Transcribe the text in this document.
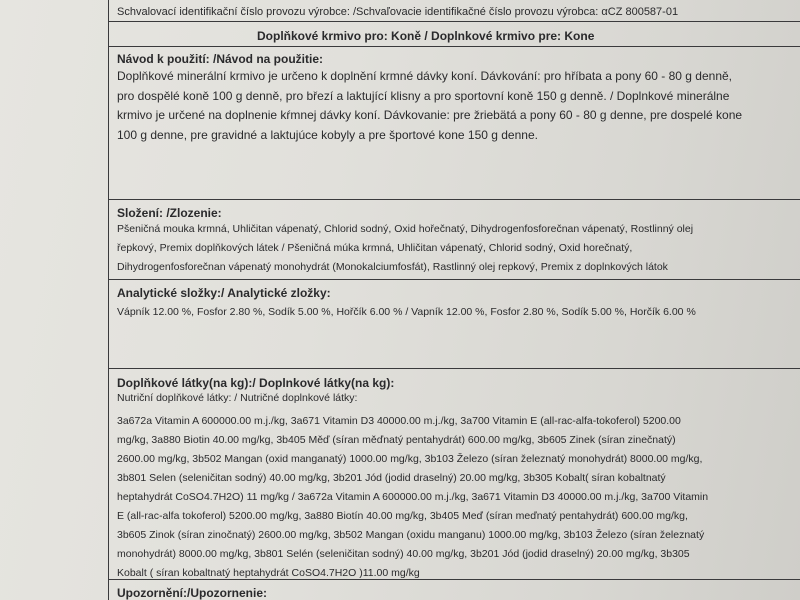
Schvalovací identifikační číslo provozu výrobce: /Schvaľovacie identifikačné číslo provozu výrobca: αCZ 800587-01
Doplňkové krmivo pro: Koně / Doplnkové krmivo pre: Kone
Návod k použití: /Návod na použitie:
Doplňkové minerální krmivo je určeno k doplnění krmné dávky koní. Dávkování: pro hříbata a pony 60 - 80 g denně,
pro dospělé koně 100 g denně, pro březí a laktující klisny a pro sportovní koně 150 g denně. / Doplnkové minerálne
krmivo je určené na doplnenie kŕmnej dávky koní. Dávkovanie: pre žriebätá a pony 60 - 80 g denne, pre dospelé kone
100 g denne, pre gravidné a laktujúce kobyly a pre športové kone 150 g denne.
Složení: /Zlozenie:
Pšeničná mouka krmná, Uhličitan vápenatý, Chlorid sodný, Oxid hořečnatý, Dihydrogenfosforečnan vápenatý, Rostlinný olej
řepkový, Premix doplňkových látek / Pšeničná múka krmná, Uhličitan vápenatý, Chlorid sodný, Oxid horečnatý,
Dihydrogenfosforečnan vápenatý monohydrát (Monokalciumfosfát), Rastlinný olej repkový, Premix z doplnkových látok
Analytické složky:/ Analytické zložky:
Vápník 12.00 %, Fosfor 2.80 %, Sodík 5.00 %, Hořčík 6.00 % / Vapník 12.00 %, Fosfor 2.80 %, Sodík 5.00 %, Horčík 6.00 %
Doplňkové látky(na kg):/ Doplnkové látky(na kg):
Nutriční doplňkové látky: / Nutričné doplnkové látky:
3a672a Vitamin A 600000.00 m.j./kg, 3a671 Vitamin D3 40000.00 m.j./kg, 3a700 Vitamin E (all-rac-alfa-tokoferol) 5200.00
mg/kg, 3a880 Biotin 40.00 mg/kg, 3b405 Měď (síran měďnatý pentahydrát) 600.00 mg/kg, 3b605 Zinek (síran zinečnatý)
2600.00 mg/kg, 3b502 Mangan (oxid manganatý) 1000.00 mg/kg, 3b103 Železo (síran železnatý monohydrát) 8000.00 mg/kg,
3b801 Selen (seleničitan sodný) 40.00 mg/kg, 3b201 Jód (jodid draselný) 20.00 mg/kg, 3b305 Kobalt( síran kobaltnatý
heptahydrát CoSO4.7H2O) 11 mg/kg / 3a672a Vitamin A 600000.00 m.j./kg, 3a671 Vitamin D3 40000.00 m.j./kg, 3a700 Vitamin
E (all-rac-alfa tokoferol) 5200.00 mg/kg, 3a880 Biotín 40.00 mg/kg, 3b405 Meď (síran meďnatý pentahydrát) 600.00 mg/kg,
3b605 Zinok (síran zinočnatý) 2600.00 mg/kg, 3b502 Mangan (oxidu manganu) 1000.00 mg/kg, 3b103 Železo (síran železnatý
monohydrát) 8000.00 mg/kg, 3b801 Selén (seleničitan sodný) 40.00 mg/kg, 3b201 Jód (jodid draselný) 20.00 mg/kg, 3b305
Kobalt ( síran kobaltnatý heptahydrát CoSO4.7H2O )11.00 mg/kg
Upozornění:/Upozornenie:
